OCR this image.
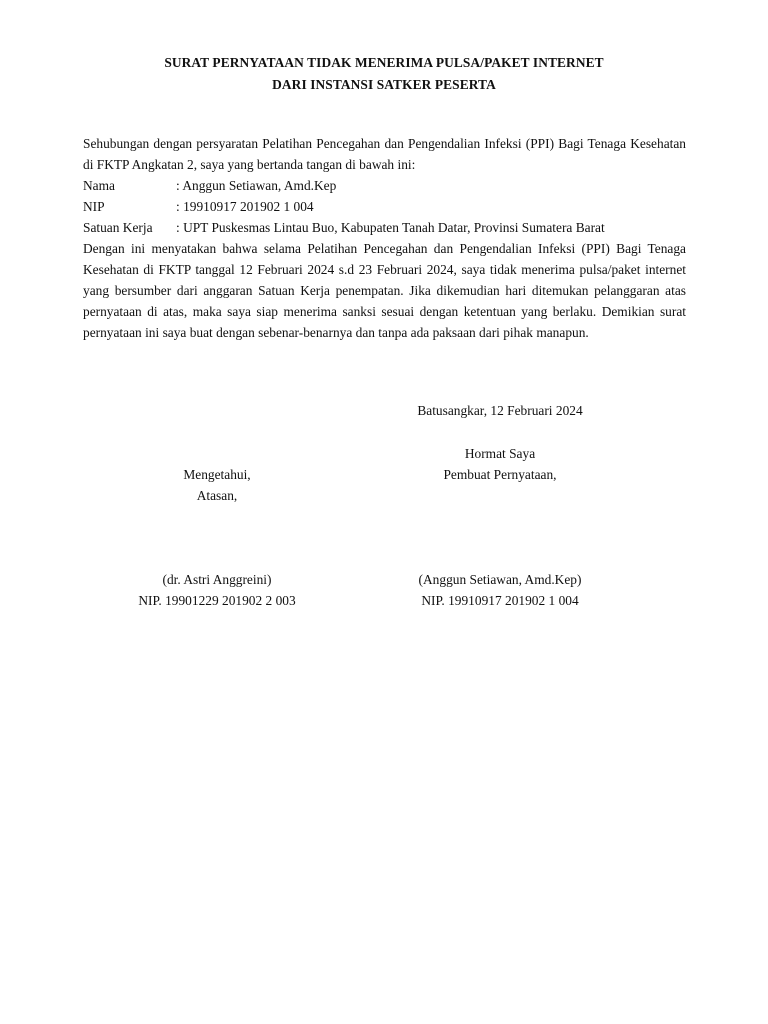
SURAT PERNYATAAN TIDAK MENERIMA PULSA/PAKET INTERNET
DARI INSTANSI SATKER PESERTA

Sehubungan dengan persyaratan Pelatihan Pencegahan dan Pengendalian Infeksi (PPI) Bagi Tenaga Kesehatan di FKTP Angkatan 2, saya yang bertanda tangan di bawah ini:

Nama	: Anggun Setiawan, Amd.Kep
NIP	: 19910917 201902 1 004
Satuan Kerja	: UPT Puskesmas Lintau Buo, Kabupaten Tanah Datar, Provinsi Sumatera Barat

Dengan ini menyatakan bahwa selama Pelatihan Pencegahan dan Pengendalian Infeksi (PPI) Bagi Tenaga Kesehatan di FKTP tanggal 12 Februari 2024 s.d 23 Februari 2024, saya tidak menerima pulsa/paket internet yang bersumber dari anggaran Satuan Kerja penempatan. Jika dikemudian hari ditemukan pelanggaran atas pernyataan di atas, maka saya siap menerima sanksi sesuai dengan ketentuan yang berlaku. Demikian surat pernyataan ini saya buat dengan sebenar-benarnya dan tanpa ada paksaan dari pihak manapun.

Batusangkar, 12 Februari 2024
Hormat Saya
Mengetahui,
Atasan,
Pembuat Pernyataan,
(dr. Astri Anggreini)
NIP. 19901229 201902 2 003
(Anggun Setiawan, Amd.Kep)
NIP. 19910917 201902 1 004
